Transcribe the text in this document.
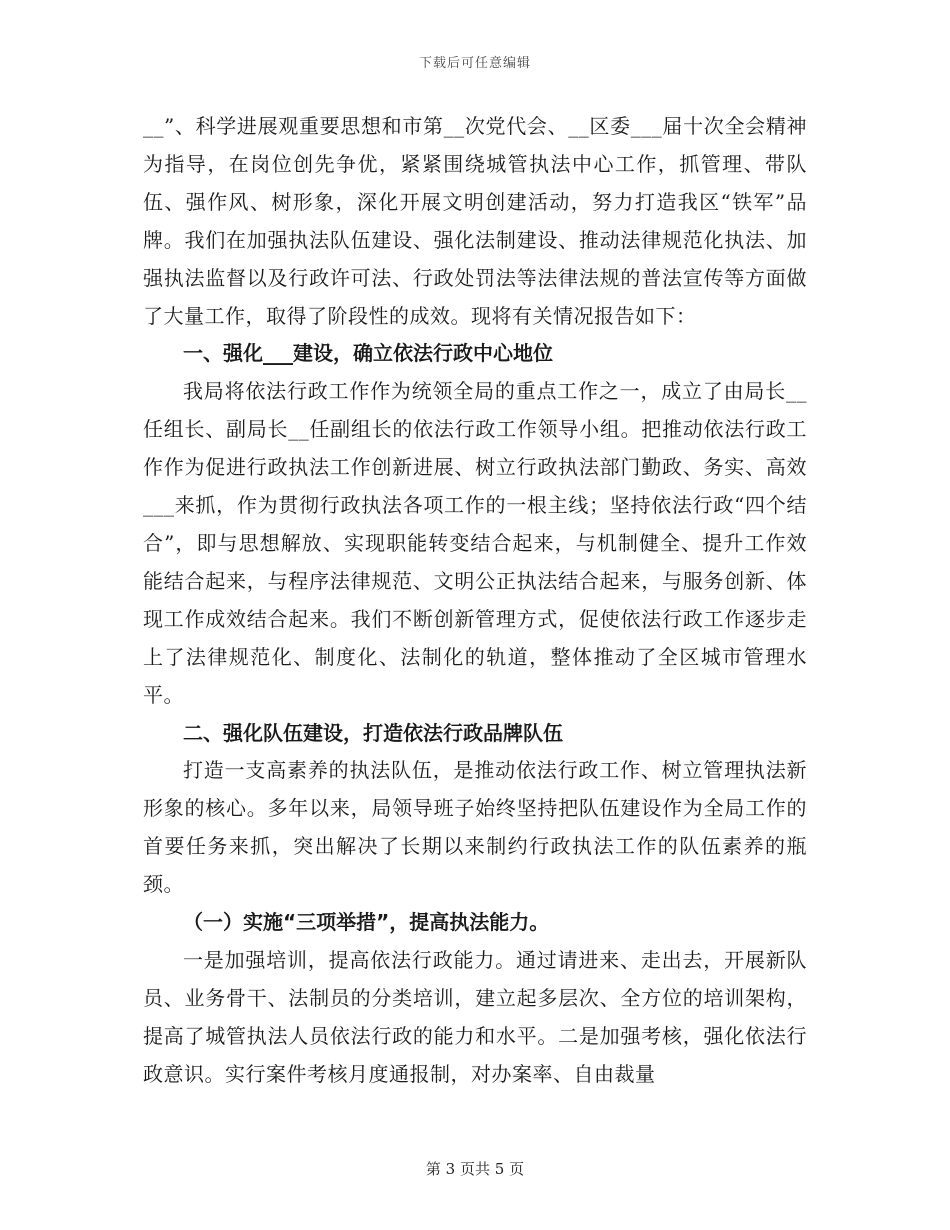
下载后可任意编辑

__”、科学进展观重要思想和市第__次党代会、__区委___届十次全会精神为指导，在岗位创先争优，紧紧围绕城管执法中心工作，抓管理、带队伍、强作风、树形象，深化开展文明创建活动，努力打造我区“铁军”品牌。我们在加强执法队伍建设、强化法制建设、推动法律规范化执法、加强执法监督以及行政许可法、行政处罚法等法律法规的普法宣传等方面做了大量工作，取得了阶段性的成效。现将有关情况报告如下：

一、强化___建设，确立依法行政中心地位

我局将依法行政工作作为统领全局的重点工作之一，成立了由局长__任组长、副局长__任副组长的依法行政工作领导小组。把推动依法行政工作作为促进行政执法工作创新进展、树立行政执法部门勤政、务实、高效___来抓，作为贯彻行政执法各项工作的一根主线；坚持依法行政“四个结合”，即与思想解放、实现职能转变结合起来，与机制健全、提升工作效能结合起来，与程序法律规范、文明公正执法结合起来，与服务创新、体现工作成效结合起来。我们不断创新管理方式，促使依法行政工作逐步走上了法律规范化、制度化、法制化的轨道，整体推动了全区城市管理水平。

二、强化队伍建设，打造依法行政品牌队伍

打造一支高素养的执法队伍，是推动依法行政工作、树立管理执法新形象的核心。多年以来，局领导班子始终坚持把队伍建设作为全局工作的首要任务来抓，突出解决了长期以来制约行政执法工作的队伍素养的瓶颈。

（一）实施“三项举措”，提高执法能力。

一是加强培训，提高依法行政能力。通过请进来、走出去，开展新队员、业务骨干、法制员的分类培训，建立起多层次、全方位的培训架构，提高了城管执法人员依法行政的能力和水平。二是加强考核，强化依法行政意识。实行案件考核月度通报制，对办案率、自由裁量

第 3 页共 5 页
